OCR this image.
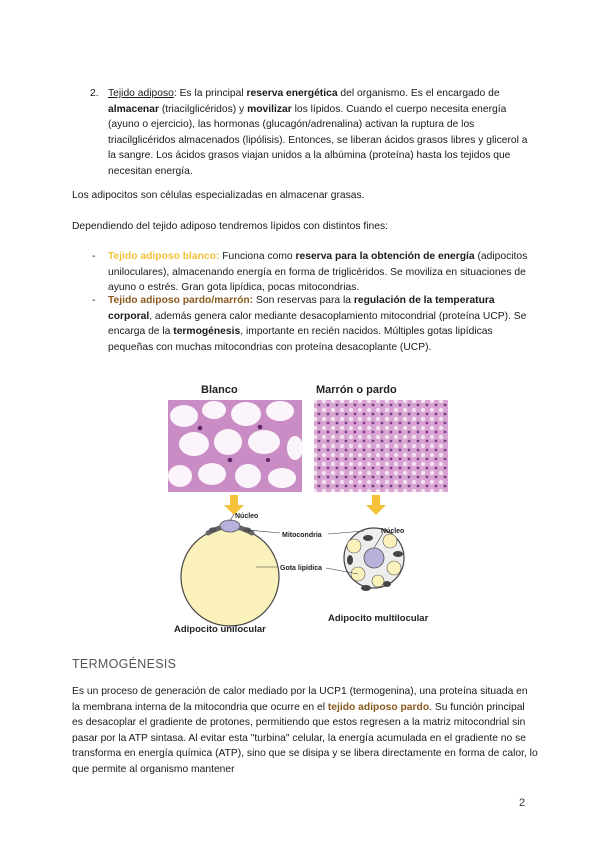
2. Tejido adiposo: Es la principal reserva energética del organismo. Es el encargado de almacenar (triacilglicéridos) y movilizar los lípidos. Cuando el cuerpo necesita energía (ayuno o ejercicio), las hormonas (glucagón/adrenalina) activan la ruptura de los triacilglicéridos almacenados (lipólisis). Entonces, se liberan ácidos grasos libres y glicerol a la sangre. Los ácidos grasos viajan unidos a la albúmina (proteína) hasta los tejidos que necesitan energía.
Los adipocitos son células especializadas en almacenar grasas.
Dependiendo del tejido adiposo tendremos lípidos con distintos fines:
- Tejido adiposo blanco: Funciona como reserva para la obtención de energía (adipocitos uniloculares), almacenando energía en forma de triglicéridos. Se moviliza en situaciones de ayuno o estrés. Gran gota lipídica, pocas mitocondrias.
- Tejido adiposo pardo/marrón: Son reservas para la regulación de la temperatura corporal, además genera calor mediante desacoplamiento mitocondrial (proteína UCP). Se encarga de la termogénesis, importante en recién nacidos. Múltiples gotas lipídicas pequeñas con muchas mitocondrias con proteína desacoplante (UCP).
Blanco	Marrón o pardo
Núcleo
Mitocondria
Gota lipídica
Núcleo
Adipocito unilocular
Adipocito multilocular
TERMOGÉNESIS
Es un proceso de generación de calor mediado por la UCP1 (termogenina), una proteína situada en la membrana interna de la mitocondria que ocurre en el tejido adiposo pardo. Su función principal es desacoplar el gradiente de protones, permitiendo que estos regresen a la matriz mitocondrial sin pasar por la ATP sintasa. Al evitar esta "turbina" celular, la energía acumulada en el gradiente no se transforma en energía química (ATP), sino que se disipa y se libera directamente en forma de calor, lo que permite al organismo mantener
2
